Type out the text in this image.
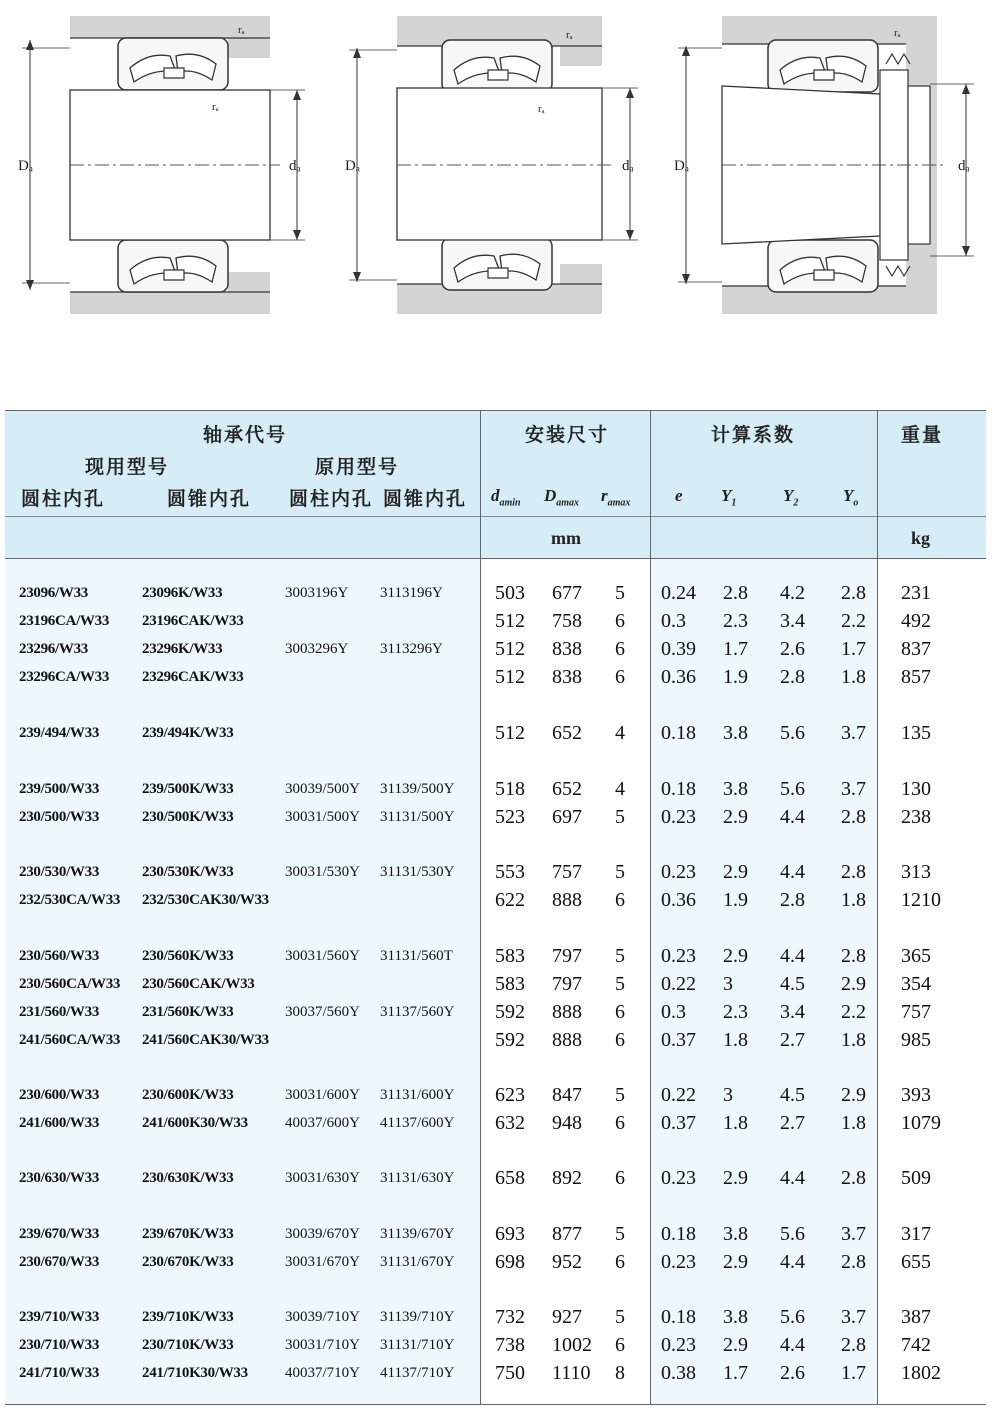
Dₐ	dₐ
rₐ
rₐ
Dₐ	dₐ
rₐ
rₐ
Dₐ	dₐ
rₐ
轴承代号
现用型号	原用型号
圆柱内孔	圆锥内孔 圆柱内孔 圆锥内孔
安装尺寸
$d_{amin}$ $D_{amax}$ $r_{amax}$
计算系数
e $Y_1$	$Y_2$	$Y_o$
重量
mm	kg
23096/W33	23096K/W33	3003196Y 3113196Y	503 677 5 0.24 2.8 4.2 2.8 231
23196CA/W33 23196CAK/W33	512 758 6 0.3 2.3 3.4 2.2 492
23296/W33	23296K/W33	3003296Y 3113296Y	512 838 6 0.39 1.7 2.6 1.7 837
23296CA/W33 23296CAK/W33	512 838 6 0.36 1.9 2.8 1.8 857
239/494/W33	239/494K/W33	512 652 4 0.18 3.8 5.6 3.7 135
239/500/W33	239/500K/W33	30039/500Y 31139/500Y 518 652 4 0.18 3.8 5.6 3.7 130
230/500/W33	230/500K/W33	30031/500Y 31131/500Y 523 697 5 0.23 2.9 4.4 2.8 238
230/530/W33	230/530K/W33	30031/530Y 31131/530Y 553 757 5 0.23 2.9 4.4 2.8 313
232/530CA/W33 232/530CAK30/W33	622 888 6 0.36 1.9 2.8 1.8 1210
230/560/W33	230/560K/W33	30031/560Y 31131/560T 583 797 5 0.23 2.9 4.4 2.8 365
230/560CA/W33 230/560CAK/W33	583 797 5 0.22 3 4.5 2.9 354
231/560/W33	231/560K/W33	30037/560Y 31137/560Y 592 888 6 0.3 2.3 3.4 2.2 757
241/560CA/W33 241/560CAK30/W33	592 888 6 0.37 1.8 2.7 1.8 985
230/600/W33	230/600K/W33	30031/600Y 31131/600Y 623 847 5 0.22 3 4.5 2.9 393
241/600/W33	241/600K30/W33 40037/600Y 41137/600Y 632 948 6 0.37 1.8 2.7 1.8 1079
230/630/W33	230/630K/W33	30031/630Y 31131/630Y 658 892 6 0.23 2.9 4.4 2.8 509
239/670/W33	239/670K/W33	30039/670Y 31139/670Y 693 877 5 0.18 3.8 5.6 3.7 317
230/670/W33	230/670K/W33	30031/670Y 31131/670Y 698 952 6 0.23 2.9 4.4 2.8 655
239/710/W33	239/710K/W33	30039/710Y 31139/710Y 732 927 5 0.18 3.8 5.6 3.7 387
230/710/W33	230/710K/W33	30031/710Y 31131/710Y 738 1002 6 0.23 2.9 4.4 2.8 742
241/710/W33	241/710K30/W33 40037/710Y 41137/710Y 750 1110 8 0.38 1.7 2.6 1.7 1802
